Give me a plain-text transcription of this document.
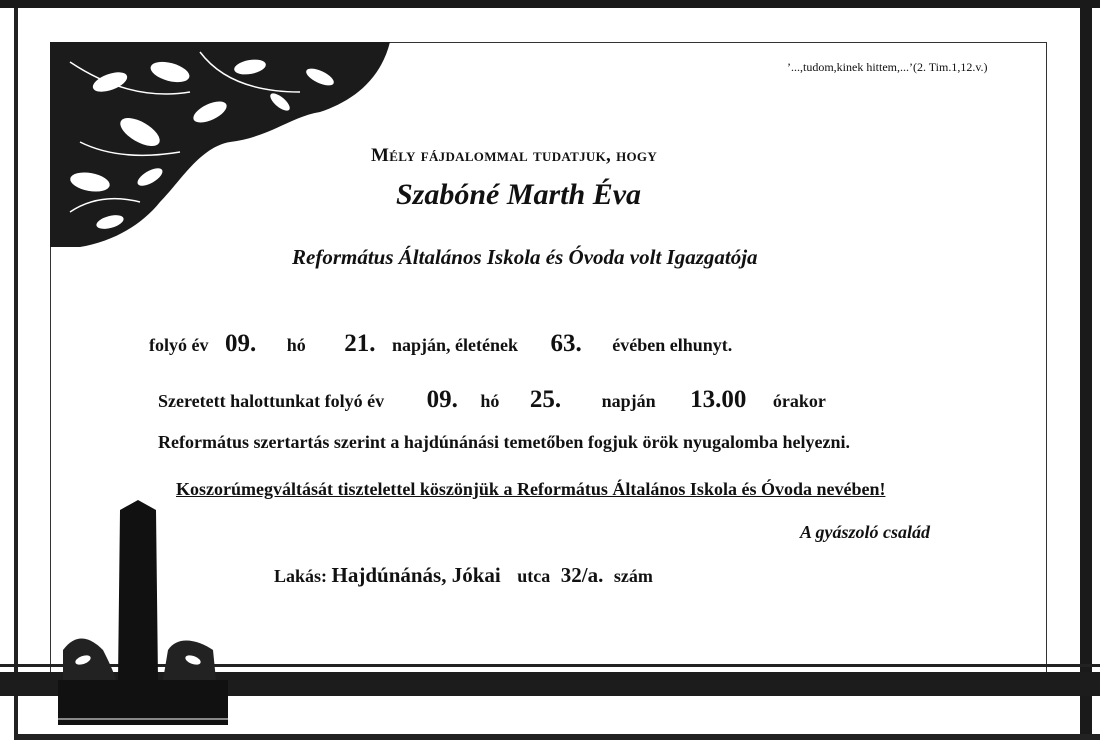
’...,tudom,kinek hittem,...’(2. Tim.1,12.v.)
Mély fájdalommal tudatjuk, hogy
Szabóné Marth Éva
Református Általános Iskola és Óvoda volt Igazgatója
folyó év 09. hó 21. napján, életének 63. évében elhunyt.
Szeretett halottunkat folyó év 09. hó 25. napján 13.00 órakor
Református szertartás szerint a hajdúnánási temetőben fogjuk örök nyugalomba helyezni.
Koszorúmegváltását tisztelettel köszönjük a Református Általános Iskola és Óvoda nevében!
A gyászoló család
Lakás: Hajdúnánás, Jókai utca 32/a. szám
